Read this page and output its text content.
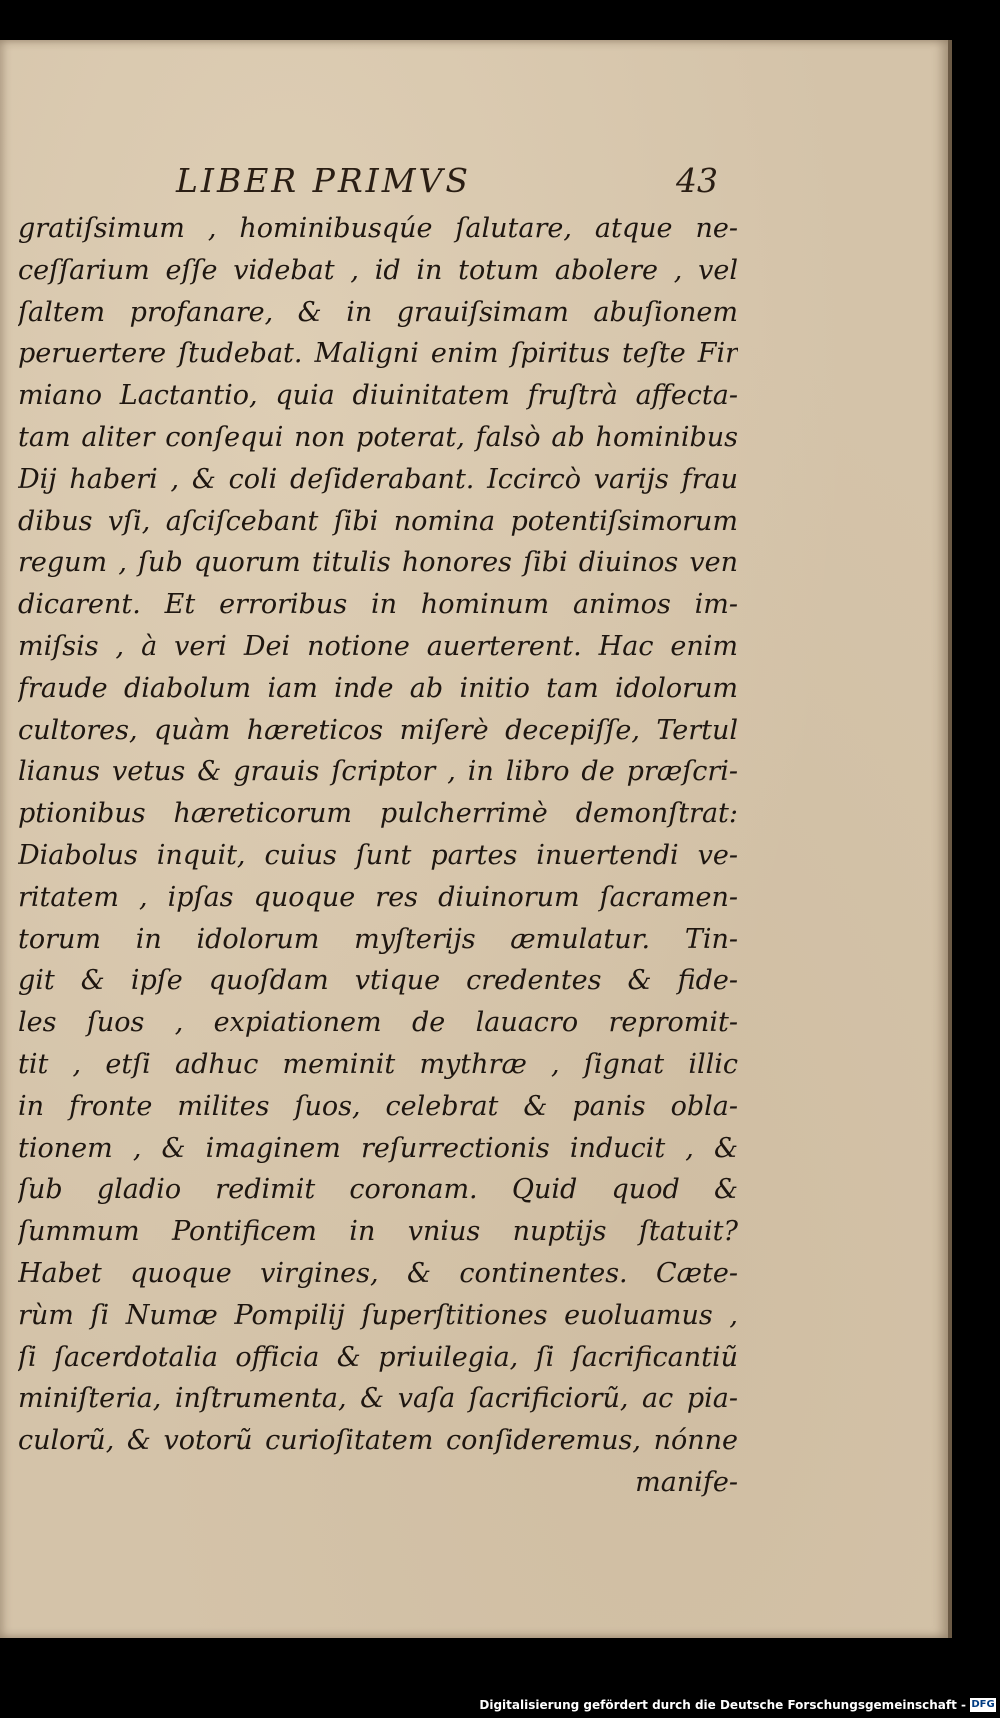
LIBER PRIMVS	43
gratiſsimum , hominibusqúe ſalutare, atque ne-
ceſſarium eſſe videbat , id in totum abolere , vel
ſaltem profanare, & in grauiſsimam abuſionem
peruertere ſtudebat. Maligni enim ſpiritus teſte Fir
miano Lactantio, quia diuinitatem fruſtrà affecta-
tam aliter conſequi non poterat, falsò ab hominibus
Dij haberi , & coli deſiderabant. Iccircò varijs frau
dibus vſi, aſciſcebant ſibi nomina potentiſsimorum
regum , ſub quorum titulis honores ſibi diuinos ven
dicarent. Et erroribus in hominum animos im-
miſsis , à veri Dei notione auerterent. Hac enim
fraude diabolum iam inde ab initio tam idolorum
cultores, quàm hæreticos miſerè decepiſſe, Tertul
lianus vetus & grauis ſcriptor , in libro de præſcri-
ptionibus hæreticorum pulcherrimè demonſtrat:
Diabolus inquit, cuius ſunt partes inuertendi ve-
ritatem , ipſas quoque res diuinorum ſacramen-
torum in idolorum myſterijs æmulatur. Tin-
git & ipſe quoſdam vtique credentes & fide-
les ſuos , expiationem de lauacro repromit-
tit , etſi adhuc meminit mythræ , ſignat illic
in fronte milites ſuos, celebrat & panis obla-
tionem , & imaginem reſurrectionis inducit , &
ſub gladio redimit coronam. Quid quod &
ſummum Pontificem in vnius nuptijs ſtatuit?
Habet quoque virgines, & continentes. Cæte-
rùm ſi Numæ Pompilij ſuperſtitiones euoluamus ,
ſi ſacerdotalia officia & priuilegia, ſi ſacrificantiũ
miniſteria, inſtrumenta, & vaſa ſacrificiorũ, ac pia-
culorũ, & votorũ curioſitatem conſideremus, nónne
manife-
Digitalisierung gefördert durch die Deutsche Forschungsgemeinschaft - DFG
